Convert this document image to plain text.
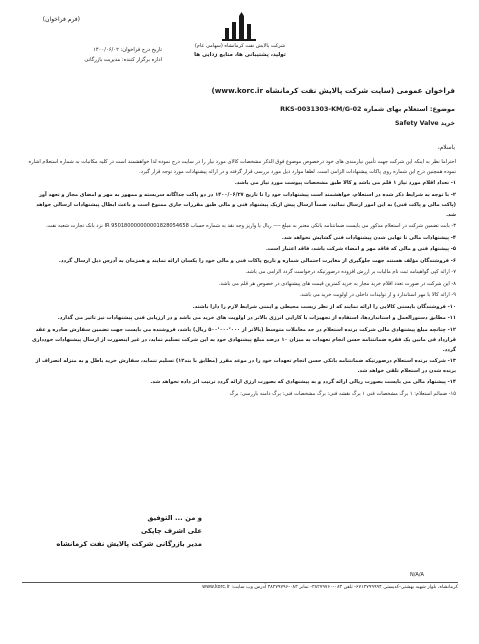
(فرم فراخوان)
شرکت پالایش نفت کرمانشاه (سهامی عام)
تولید، پشتیبانی ها، منابع زدایی ها
تاریخ درج فراخوان: ۱۴۰۰/۰۶/۰۲
اداره برگزار کننده: مدیریت بازرگانی
فراخوان عمومی (سایت شرکت پالایش نفت کرمانشاه www.korc.ir)
موضوع: استعلام بهای شماره RKS-0031303-KM/G-02
خرید Safety Valve
باسلام،

احتراما نظر به اینکه این شرکت جهت تأمین نیازمندی های خود درخصوص موضوع فوق الذکر مشخصات کالای مورد نیاز را در سایت درج نموده لذا خواهشمند است در کلیه مکاتبات به شماره استعلام اشاره نموده همچنین درج این شماره روی پاکات پیشنهادات الزامی است. لطفا موارد ذیل مورد بررسی قرار گرفته و در ارائه پیشنهادات مورد توجه قرار گیرد.

۱- تعداد اقلام مورد نیاز ۱ قلم می باشد و کالا طبق مشخصات پیوست مورد نیاز می باشد.

۲- با توجه به شرایط ذکر شده در استعلام، خواهشمند است پیشنهادات خود را تا تاریخ ۱۴۰۰/۰۶/۲۷ در دو پاکت جداگانه سربسته و ممهور به مهر و امضای مجاز و تعهد آور (پاکت مالی و پاکت فنی) به این امور ارسال نمائید، ضمناً ارسال پیش ازیک پیشنهاد فنی و مالی طبق مقررات جاری ممنوع است و باعث ابطال پیشنهادات ارسالی خواهد شد.

۳- بابت تضمین شرکت در استعلام مذکور می بایست ضمانتنامه بانکی معتبر به مبلغ ---- ریال یا واریز وجه نقد به شماره حساب IR 950180000000001828054658 نزد بانک تجارت شعبه نفت.

۴- پیشنهادات مالی تا نهایی شدن پیشنهادات فنی گشایش نخواهد شد.

۵- پیشنهاد فنی و مالی که فاقد مهر و امضاء شرکت باشد، فاقد اعتبار است.

۶- فروشندگان مؤلف هستند جهت جلوگیری از مغایرت احتمالی شماره و تاریخ پاکات فنی و مالی خود را یکسان ارائه نمایند و همزمان به آدرس ذیل ارسال گردد.

۷- ارائه کپی گواهینامه ثبت نام مالیات بر ارزش افزوده درصورتیکه درخواست گردد الزامی می باشد.

۸- این شرکت در صورت تعدد اقلام خرید مجاز به خرید کمترین قیمت های پیشنهادی در خصوص هر قلم می باشد.

۹- ارائه کالا با مهر استاندارد و از تولیدات داخلی در اولویت خرید می باشد.

۱۰- فروشندگان بایستی کالایی را ارائه نمایند که از نظر زیست محیطی و ایمنی شرایط لازم را دارا باشند.

۱۱- مطابق دستورالعمل و استاندارد‌ها، استفاده از تجهیزات با کارایی انرژی بالاتر در اولویت های خرید می باشد و در ارزیابی فنی پیشنهادات نیز تاثیر می گذارد.

۱۲- چنانچه مبلغ پیشنهادی مالی شرکت برنده استعلام در حد معاملات متوسط (بالاتر از ۵۰۰٬۰۰۰٬۰۰۰ ریال) باشد، فروشنده می بایست جهت تضمین سفارش صادره و عقد قرارداد فی مابین یک فقره ضمانتنامه حسن انجام تعهدات به میزان ۱۰ درصد مبلغ پیشنهادی خود به این شرکت تسلیم نماید، در غیر اینصورت از ارسال پیشنهادات خودداری گردد.

۱۳- شرکت برنده استعلام درصورتیکه ضمانتنامه بانکی حسن انجام تعهدات خود را در موعد مقرر (مطابق با بند۱۲) تسلیم ننماید، سفارش خرید باطل و به منزله انصراف از برنده شدن در استعلام تلقی خواهد شد.

۱۴- پیشنهاد مالی می بایست بصورت ریالی ارائه گردد و به پیشنهادی که بصورت ارزی ارائه گردد ترتیب اثر داده نخواهد شد.

۱۵- ضمائم استعلام: ۱ برگ مشخصات فنی ۱ برگ نقشه فنی: برگ مشخصات فنی: برگ دامنه بازرسی: برگ

و من ... التوفیق
علی اشرف چاپکی
مدیر بازرگانی شرکت پالایش نفت کرمانشاه
N/A/A
کرمانشاه، بلوار شهید بهشتی-کدپستی ۶۷۱۴۷۹۹۹۹۴- تلفن ۰۸۳-۳۸۲۷۹۷۶۰- نمابر ۰۸۳-۳۸۲۷۹۷۹۶ آدرس وب سایت: www.korc.ir
